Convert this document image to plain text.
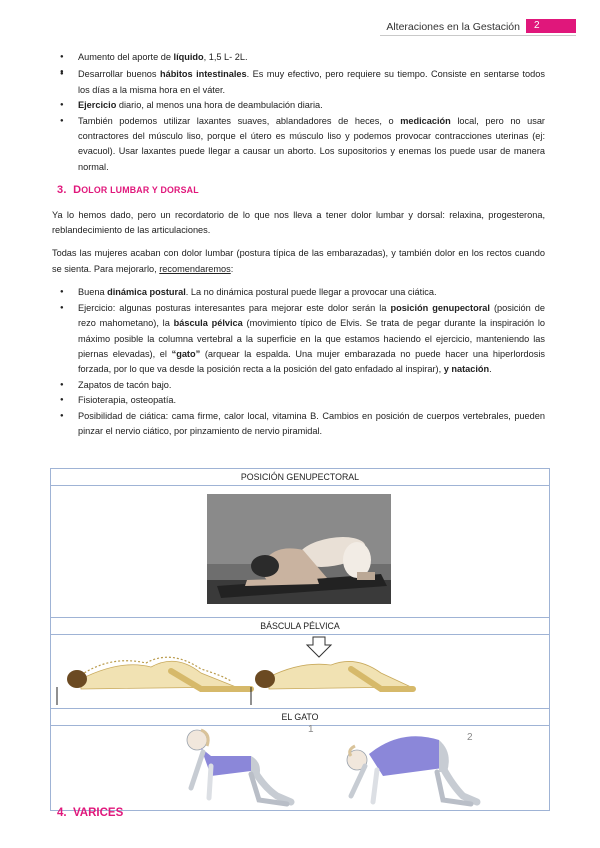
Alteraciones en la Gestación	2
● Aumento del aporte de líquido, 1,5 L- 2L.
●
● Desarrollar buenos hábitos intestinales. Es muy efectivo, pero requiere su tiempo. Consiste en sentarse todos los días a la misma hora en el váter.
● Ejercicio diario, al menos una hora de deambulación diaria.
● También podemos utilizar laxantes suaves, ablandadores de heces, o medicación local, pero no usar contractores del músculo liso, porque el útero es músculo liso y podemos provocar contracciones uterinas (ej: evacuol). Usar laxantes puede llegar a causar un aborto. Los supositorios y enemas los puede usar de manera normal.
3. DOLOR LUMBAR Y DORSAL

Ya lo hemos dado, pero un recordatorio de lo que nos lleva a tener dolor lumbar y dorsal: relaxina, progesterona, reblandecimiento de las articulaciones.

Todas las mujeres acaban con dolor lumbar (postura típica de las embarazadas), y también dolor en los rectos cuando se sienta. Para mejorarlo, recomendaremos:

● Buena dinámica postural. La no dinámica postural puede llegar a provocar una ciática.
● Ejercicio: algunas posturas interesantes para mejorar este dolor serán la posición genupectoral (posición de rezo mahometano), la báscula pélvica (movimiento típico de Elvis. Se trata de pegar durante la inspiración lo máximo posible la columna vertebral a la superficie en la que estamos haciendo el ejercicio, manteniendo las piernas elevadas), el “gato” (arquear la espalda. Una mujer embarazada no puede hacer una hiperlordosis forzada, por lo que va desde la posición recta a la posición del gato enfadado al inspirar), y natación.
● Zapatos de tacón bajo.
● Fisioterapia, osteopatía.
● Posibilidad de ciática: cama firme, calor local, vitamina B. Cambios en posición de cuerpos vertebrales, pueden pinzar el nervio ciático, por pinzamiento de nervio piramidal.
POSICIÓN GENUPECTORAL
BÁSCULA PÉLVICA
EL GATO
1
2
4. VARICES
